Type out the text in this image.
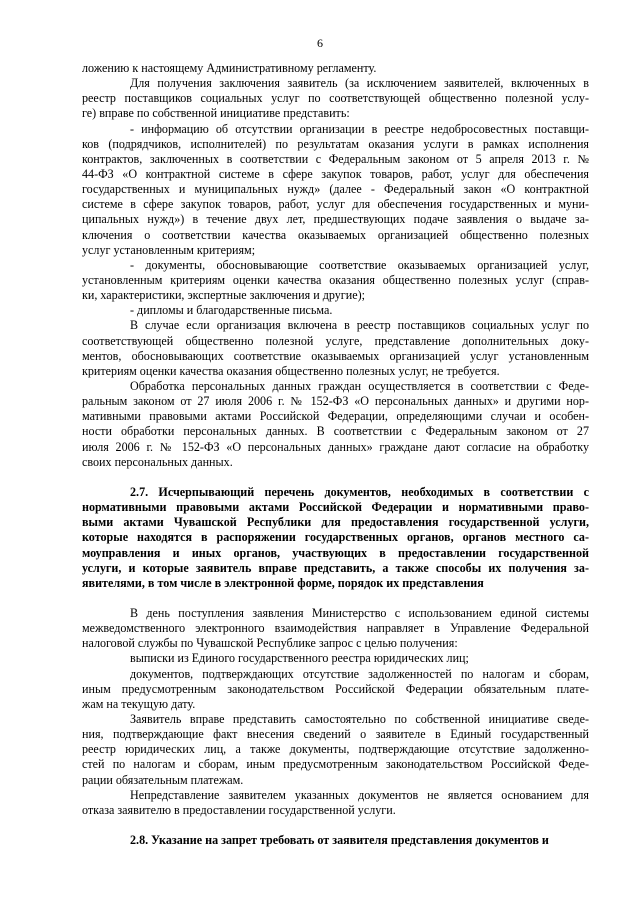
6
ложению к настоящему Административному регламенту.
Для получения заключения заявитель (за исключением заявителей, включенных в
реестр поставщиков социальных услуг по соответствующей общественно полезной услу-
ге) вправе по собственной инициативе представить:
- информацию об отсутствии организации в реестре недобросовестных поставщи-
ков (подрядчиков, исполнителей) по результатам оказания услуги в рамках исполнения
контрактов, заключенных в соответствии с Федеральным законом от 5 апреля 2013 г. №
44-ФЗ «О контрактной системе в сфере закупок товаров, работ, услуг для обеспечения
государственных и муниципальных нужд» (далее - Федеральный закон «О контрактной
системе в сфере закупок товаров, работ, услуг для обеспечения государственных и муни-
ципальных нужд») в течение двух лет, предшествующих подаче заявления о выдаче за-
ключения о соответствии качества оказываемых организацией общественно полезных
услуг установленным критериям;
- документы, обосновывающие соответствие оказываемых организацией услуг,
установленным критериям оценки качества оказания общественно полезных услуг (справ-
ки, характеристики, экспертные заключения и другие);
- дипломы и благодарственные письма.
В случае если организация включена в реестр поставщиков социальных услуг по
соответствующей общественно полезной услуге, представление дополнительных доку-
ментов, обосновывающих соответствие оказываемых организацией услуг установленным
критериям оценки качества оказания общественно полезных услуг, не требуется.
Обработка персональных данных граждан осуществляется в соответствии с Феде-
ральным законом от 27 июля 2006 г. № 152-ФЗ «О персональных данных» и другими нор-
мативными правовыми актами Российской Федерации, определяющими случаи и особен-
ности обработки персональных данных. В соответствии с Федеральным законом от 27
июля 2006 г. № 152-ФЗ «О персональных данных» граждане дают согласие на обработку
своих персональных данных.
2.7. Исчерпывающий перечень документов, необходимых в соответствии с
нормативными правовыми актами Российской Федерации и нормативными право-
выми актами Чувашской Республики для предоставления государственной услуги,
которые находятся в распоряжении государственных органов, органов местного са-
моуправления и иных органов, участвующих в предоставлении государственной
услуги, и которые заявитель вправе представить, а также способы их получения за-
явителями, в том числе в электронной форме, порядок их представления
В день поступления заявления Министерство с использованием единой системы
межведомственного электронного взаимодействия направляет в Управление Федеральной
налоговой службы по Чувашской Республике запрос с целью получения:
выписки из Единого государственного реестра юридических лиц;
документов, подтверждающих отсутствие задолженностей по налогам и сборам,
иным предусмотренным законодательством Российской Федерации обязательным плате-
жам на текущую дату.
Заявитель вправе представить самостоятельно по собственной инициативе сведе-
ния, подтверждающие факт внесения сведений о заявителе в Единый государственный
реестр юридических лиц, а также документы, подтверждающие отсутствие задолженно-
стей по налогам и сборам, иным предусмотренным законодательством Российской Феде-
рации обязательным платежам.
Непредставление заявителем указанных документов не является основанием для
отказа заявителю в предоставлении государственной услуги.
2.8. Указание на запрет требовать от заявителя представления документов и
